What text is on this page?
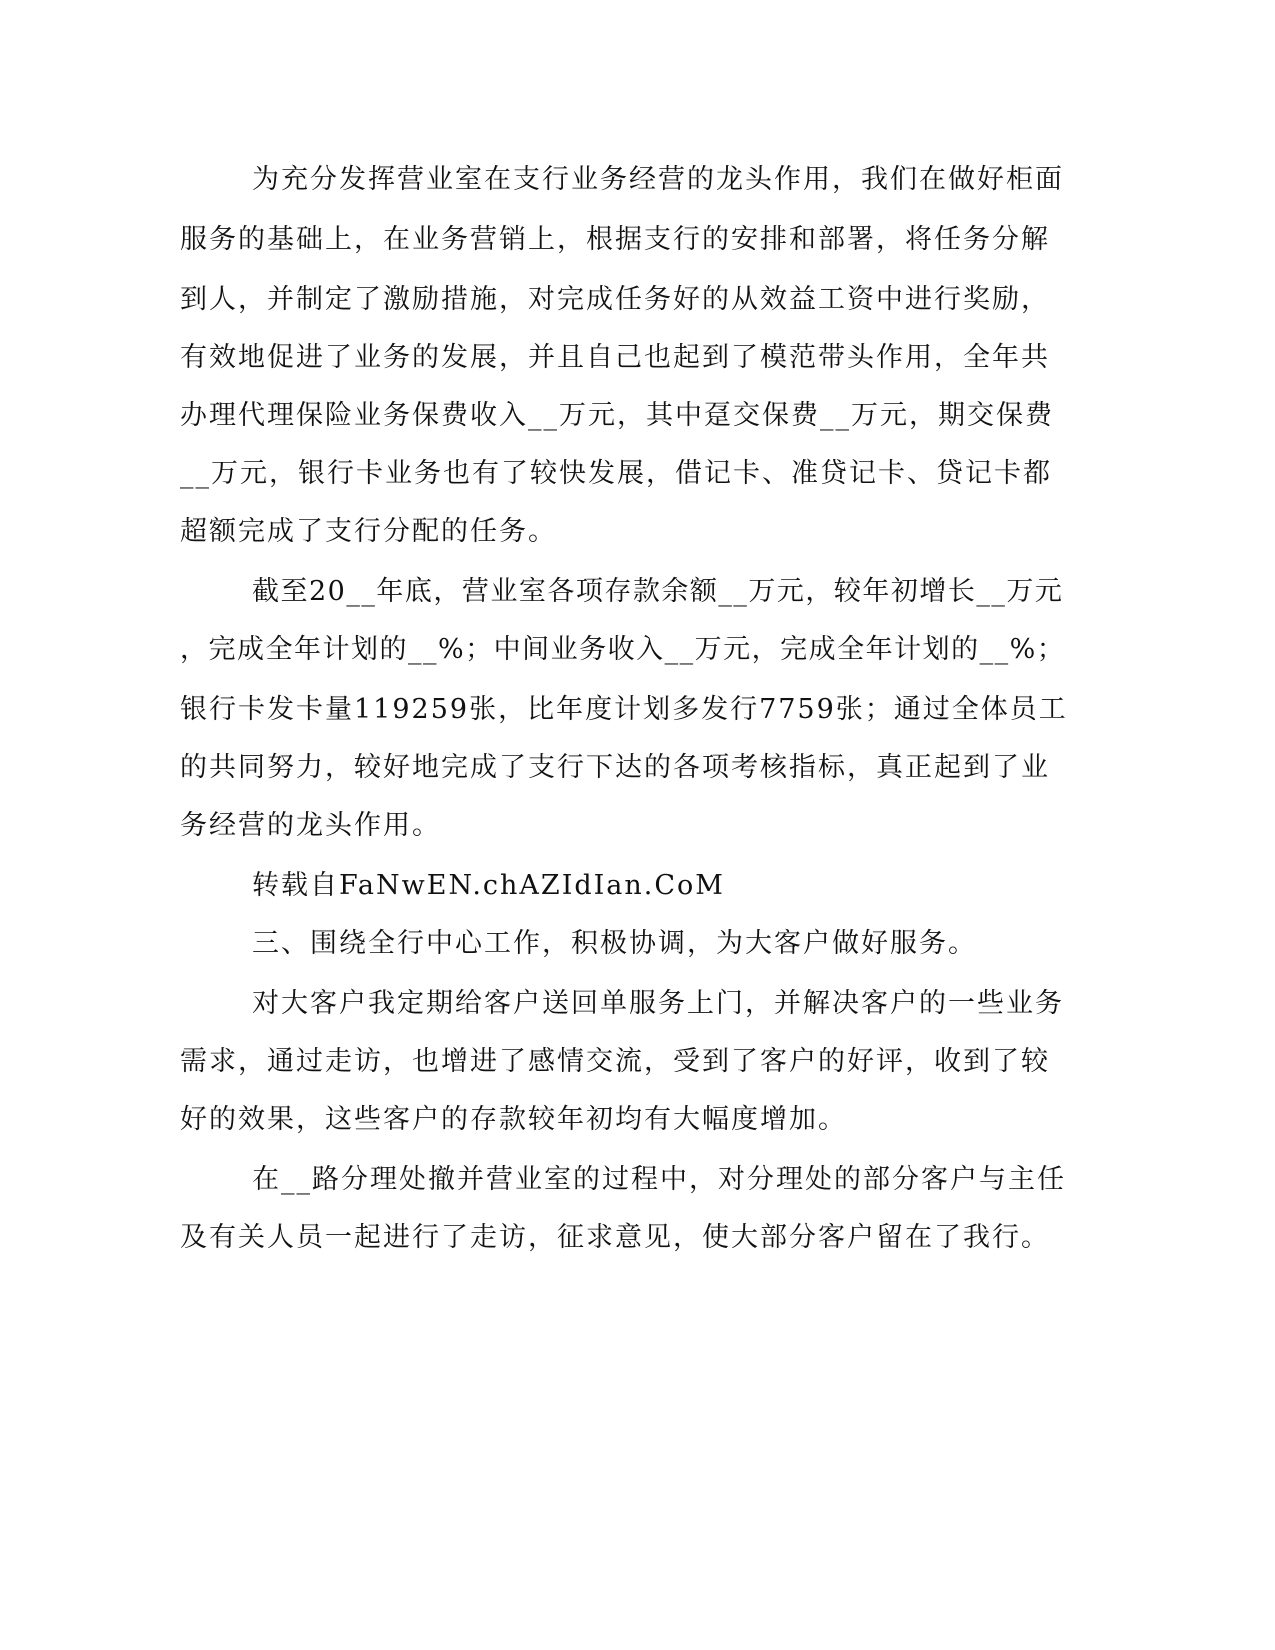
为充分发挥营业室在支行业务经营的龙头作用，我们在做好柜面
服务的基础上，在业务营销上，根据支行的安排和部署，将任务分解
到人，并制定了激励措施，对完成任务好的从效益工资中进行奖励，
有效地促进了业务的发展，并且自己也起到了模范带头作用，全年共
办理代理保险业务保费收入__万元，其中趸交保费__万元，期交保费
__万元，银行卡业务也有了较快发展，借记卡、准贷记卡、贷记卡都
超额完成了支行分配的任务。
截至20__年底，营业室各项存款余额__万元，较年初增长__万元
，完成全年计划的__%；中间业务收入__万元，完成全年计划的__%；
银行卡发卡量119259张，比年度计划多发行7759张；通过全体员工
的共同努力，较好地完成了支行下达的各项考核指标，真正起到了业
务经营的龙头作用。
转载自FaNwEN.chAZIdIan.CoM
三、围绕全行中心工作，积极协调，为大客户做好服务。
对大客户我定期给客户送回单服务上门，并解决客户的一些业务
需求，通过走访，也增进了感情交流，受到了客户的好评，收到了较
好的效果，这些客户的存款较年初均有大幅度增加。
在__路分理处撤并营业室的过程中，对分理处的部分客户与主任
及有关人员一起进行了走访，征求意见，使大部分客户留在了我行。
